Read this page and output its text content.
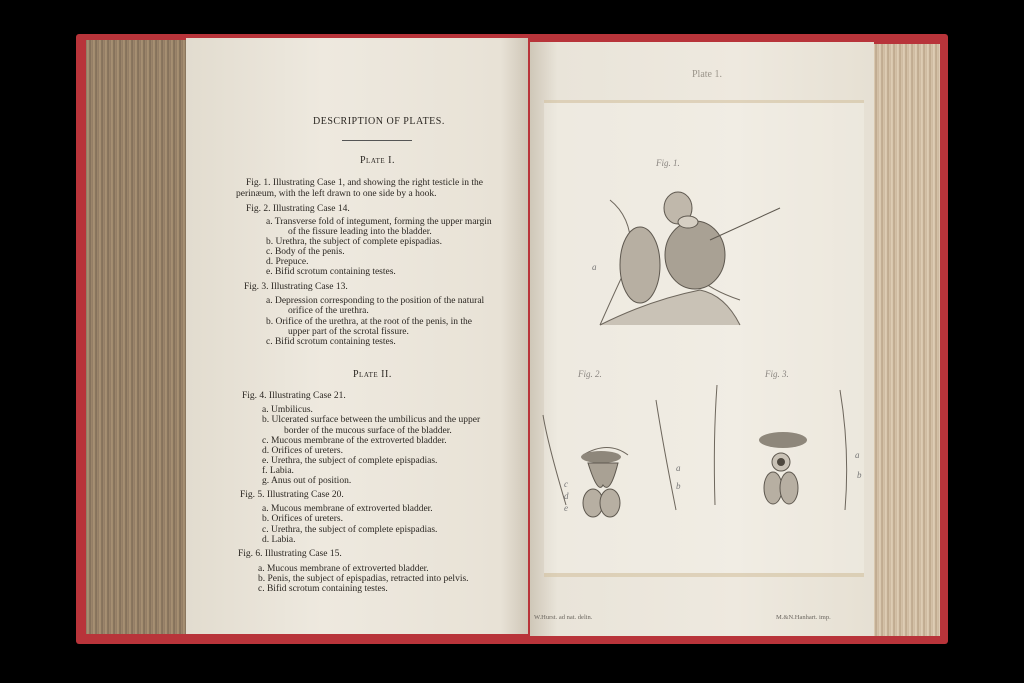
DESCRIPTION OF PLATES.
Plate I.
Plate II.
Fig. 1. Illustrating Case 1, and showing the right testicle in the
perinæum, with the left drawn to one side by a hook.
Fig. 2. Illustrating Case 14.
a. Transverse fold of integument, forming the upper margin
of the fissure leading into the bladder.
b. Urethra, the subject of complete epispadias.
c. Body of the penis.
d. Prepuce.
e. Bifid scrotum containing testes.
Fig. 3. Illustrating Case 13.
a. Depression corresponding to the position of the natural
orifice of the urethra.
b. Orifice of the urethra, at the root of the penis, in the
upper part of the scrotal fissure.
c. Bifid scrotum containing testes.
Fig. 4. Illustrating Case 21.
a. Umbilicus.
b. Ulcerated surface between the umbilicus and the upper
border of the mucous surface of the bladder.
c. Mucous membrane of the extroverted bladder.
d. Orifices of ureters.
e. Urethra, the subject of complete epispadias.
f. Labia.
g. Anus out of position.
Fig. 5. Illustrating Case 20.
a. Mucous membrane of extroverted bladder.
b. Orifices of ureters.
c. Urethra, the subject of complete epispadias.
d. Labia.
Fig. 6. Illustrating Case 15.
a. Mucous membrane of extroverted bladder.
b. Penis, the subject of epispadias, retracted into pelvis.
c. Bifid scrotum containing testes.
Plate 1.
Fig. 1.
Fig. 2.	Fig. 3.
W.Hurst. ad nat. delin.	M.&N.Hanhart. imp.
a
c
d
e
a
b
a
b
